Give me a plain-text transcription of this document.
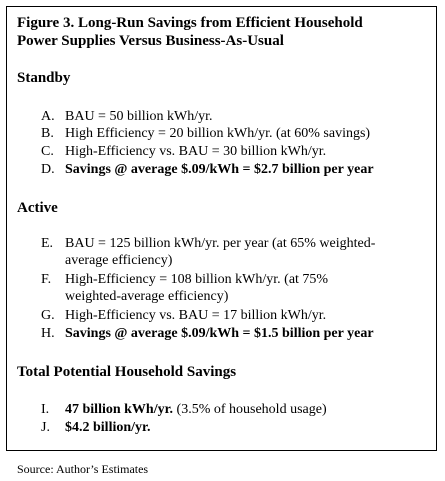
Figure 3. Long-Run Savings from Efficient Household
Power Supplies Versus Business-As-Usual
Standby
A. BAU = 50 billion kWh/yr.
B. High Efficiency = 20 billion kWh/yr. (at 60% savings)
C. High-Efficiency vs. BAU = 30 billion kWh/yr.
D. Savings @ average $.09/kWh = $2.7 billion per year
Active
E. BAU = 125 billion kWh/yr. per year (at 65% weighted-
average efficiency)
F. High-Efficiency = 108 billion kWh/yr. (at 75%
weighted-average efficiency)
G. High-Efficiency vs. BAU = 17 billion kWh/yr.
H. Savings @ average $.09/kWh = $1.5 billion per year
Total Potential Household Savings
I. 47 billion kWh/yr. (3.5% of household usage)
J. $4.2 billion/yr.
Source: Author’s Estimates
